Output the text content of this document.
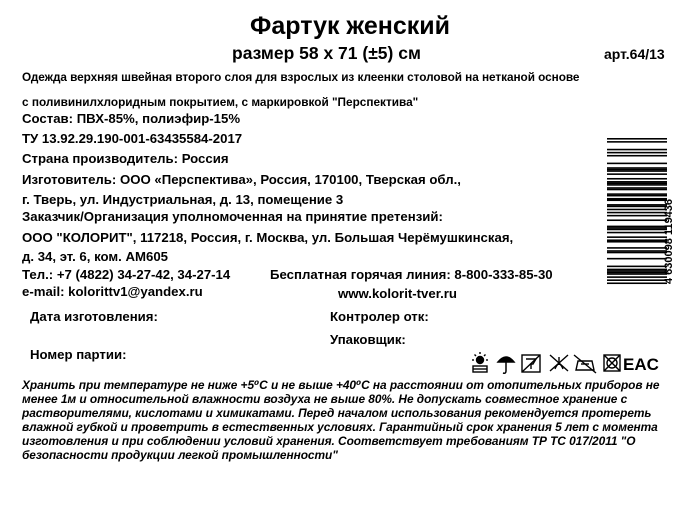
Фартук женский
размер 58 х 71 (±5) см	арт.64/13
Одежда верхняя швейная второго слоя для взрослых из клеенки столовой на нетканой основе
с поливинилхлоридным покрытием, с маркировкой "Перспектива"
Состав: ПВХ-85%, полиэфир-15%
ТУ 13.92.29.190-001-63435584-2017
Страна производитель: Россия
Изготовитель: ООО «Перспектива», Россия, 170100, Тверская обл.,
г. Тверь, ул. Индустриальная, д. 13, помещение 3
Заказчик/Организация уполномоченная на принятие претензий:
ООО "КОЛОРИТ", 117218, Россия, г. Москва, ул. Большая Черёмушкинская,
д. 34, эт. 6, ком. АМ605
Тел.: +7 (4822) 34-27-42, 34-27-14	Бесплатная горячая линия: 8-800-333-85-30
e-mail: kolorittv1@yandex.ru	www.kolorit-tver.ru
Дата изготовления:	Контролер отк:
Упаковщик:
Номер партии:
Хранить при температуре не ниже +5⁰С и не выше +40⁰С на расстоянии от отопительных приборов не менее 1м и относительной влажности воздуха не выше 80%. Не допускать совместное хранение с растворителями, кислотами и химикатами. Перед началом использования рекомендуется протереть влажной губкой и проветрить в естественных условиях. Гарантийный срок хранения 5 лет с момента изготовления и при соблюдении условий хранения. Соответствует требованиям ТР ТС 017/2011 "О безопасности продукции легкой промышленности"
4 630098 119436
EAC
